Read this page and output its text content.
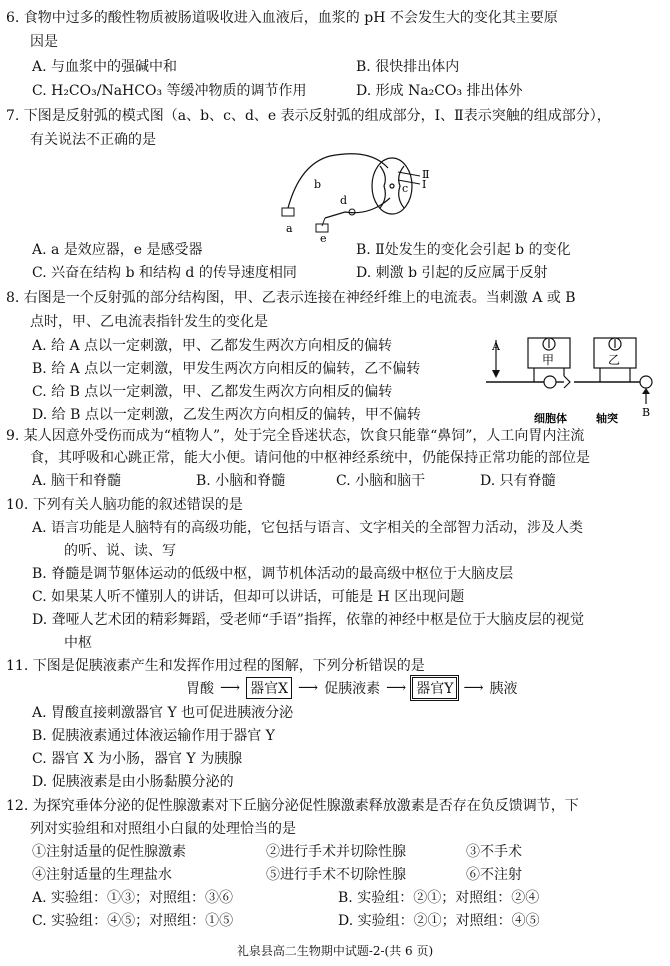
6. 食物中过多的酸性物质被肠道吸收进入血液后，血浆的 pH 不会发生大的变化其主要原
因是
A. 与血浆中的强碱中和	B. 很快排出体内
C. H₂CO₃/NaHCO₃ 等缓冲物质的调节作用	D. 形成 Na₂CO₃ 排出体外
7. 下图是反射弧的模式图（a、b、c、d、e 表示反射弧的组成部分，Ⅰ、Ⅱ表示突触的组成部分），
有关说法不正确的是
a
b	c
d
e
Ⅱ
Ⅰ
A. a 是效应器，e 是感受器	B. Ⅱ处发生的变化会引起 b 的变化
C. 兴奋在结构 b 和结构 d 的传导速度相同	D. 刺激 b 引起的反应属于反射
8. 右图是一个反射弧的部分结构图，甲、乙表示连接在神经纤维上的电流表。当刺激 A 或 B
点时，甲、乙电流表指针发生的变化是
A. 给 A 点以一定刺激，甲、乙都发生两次方向相反的偏转
B. 给 A 点以一定刺激，甲发生两次方向相反的偏转，乙不偏转
C. 给 B 点以一定刺激，甲、乙都发生两次方向相反的偏转
D. 给 B 点以一定刺激，乙发生两次方向相反的偏转，甲不偏转
A
甲	乙
B
细胞体	轴突
9. 某人因意外受伤而成为“植物人”，处于完全昏迷状态，饮食只能靠“鼻饲”，人工向胃内注流
食，其呼吸和心跳正常，能大小便。请问他的中枢神经系统中，仍能保持正常功能的部位是
A. 脑干和脊髓	B. 小脑和脊髓	C. 小脑和脑干	D. 只有脊髓
10. 下列有关人脑功能的叙述错误的是
A. 语言功能是人脑特有的高级功能，它包括与语言、文字相关的全部智力活动，涉及人类
的听、说、读、写
B. 脊髓是调节躯体运动的低级中枢，调节机体活动的最高级中枢位于大脑皮层
C. 如果某人听不懂别人的讲话，但却可以讲话，可能是 H 区出现问题
D. 聋哑人艺术团的精彩舞蹈，受老师“手语”指挥，依靠的神经中枢是位于大脑皮层的视觉
中枢
11. 下图是促胰液素产生和发挥作用过程的图解，下列分析错误的是
胃酸 ⟶ 器官X ⟶ 促胰液素 ⟶ 器官Y ⟶ 胰液
A. 胃酸直接刺激器官 Y 也可促进胰液分泌
B. 促胰液素通过体液运输作用于器官 Y
C. 器官 X 为小肠，器官 Y 为胰腺
D. 促胰液素是由小肠黏膜分泌的
12. 为探究垂体分泌的促性腺激素对下丘脑分泌促性腺激素释放激素是否存在负反馈调节，下
列对实验组和对照组小白鼠的处理恰当的是
①注射适量的促性腺激素	②进行手术并切除性腺	③不手术
④注射适量的生理盐水	⑤进行手术不切除性腺	⑥不注射
A. 实验组：①③；对照组：③⑥	B. 实验组：②①；对照组：②④
C. 实验组：④⑤；对照组：①⑤	D. 实验组：②①；对照组：④⑤
礼泉县高二生物期中试题-2-(共 6 页)
